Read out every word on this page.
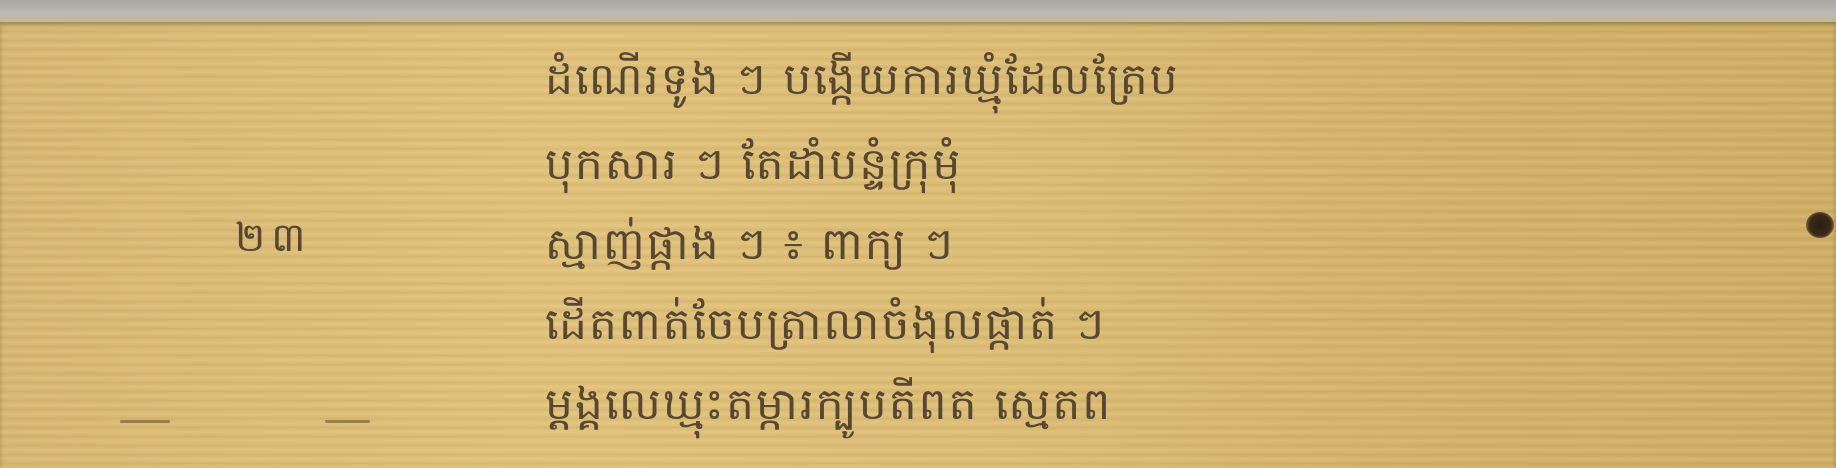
ដំណើរទូង ៗ បង្កើយការឃ្មុំដែលត្រែប
បុកសារ ៗ តែដាំបន្ទំក្រុមុំ
ស្មាញ់ផ្កាង ៗ ៖ ពាក្យ ៗ
ដើតពាត់ចែបត្រាលាចំងុលផ្កាត់ ៗ
ម្តង្គលេឃ្មុះតម្ការក្បូបតីពត ស្មេតព
២៣
